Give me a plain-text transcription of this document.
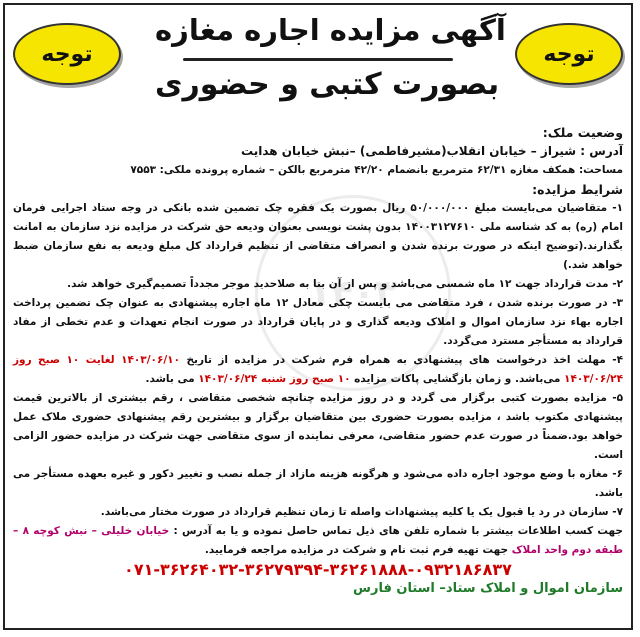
توجه	توجه
آگهی مزایده اجاره مغازه
بصورت کتبی و حضوری
۱۴۰۳

وضعیت ملک:

آدرس : شیراز – خیابان انقلاب(مشیرفاطمی) –نبش خیابان هدایت

مساحت: همکف مغازه ۶۲/۳۱ مترمربع بانضمام ۴۲/۲۰ مترمربع بالکن – شماره پرونده ملکی: ۷۵۵۳

شرایط مزایده:

۱- متقاضیان می‌بایست مبلغ ۵۰/۰۰۰/۰۰۰ ریال بصورت یک فقره چک تضمین شده بانکی در وجه ستاد اجرایی فرمان امام (ره) به کد شناسه ملی ۱۴۰۰۳۱۲۷۶۱۰ بدون پشت نویسی بعنوان ودیعه حق شرکت در مزایده نزد سازمان به امانت بگذارند.(توضیح اینکه در صورت برنده شدن و انصراف متقاضی از تنظیم قرارداد کل مبلغ ودیعه به نفع سازمان ضبط خواهد شد.)

۲- مدت قرارداد جهت ۱۲ ماه شمسی می‌باشد و پس از آن بنا به صلاحدید موجر مجدداً تصمیم‌گیری خواهد شد.

۳- در صورت برنده شدن ، فرد متقاضی می بایست چکی معادل ۱۲ ماه اجاره پیشنهادی به عنوان چک تضمین پرداخت اجاره بهاء نزد سازمان اموال و املاک ودیعه گذاری و در پایان قرارداد در صورت انجام تعهدات و عدم تخطی از مفاد قرارداد به مستأجر مسترد می‌گردد.

۴- مهلت اخذ درخواست های پیشنهادی به همراه فرم شرکت در مزایده از تاریخ ۱۴۰۳/۰۶/۱۰ لغایت ۱۰ صبح روز ۱۴۰۳/۰۶/۲۴ می‌باشد. و زمان بازگشایی پاکات مزایده ۱۰ صبح روز شنبه ۱۴۰۳/۰۶/۲۴ می باشد.

۵- مزایده بصورت کتبی برگزار می گردد و در روز مزایده چنانچه شخصی متقاضی ، رقم بیشتری از بالاترین قیمت پیشنهادی مکتوب باشد ، مزایده بصورت حضوری بین متقاضیان برگزار و بیشترین رقم پیشنهادی حضوری ملاک عمل خواهد بود.ضمناً در صورت عدم حضور متقاضی، معرفی نماینده از سوی متقاضی جهت شرکت در مزایده حضور الزامی است.

۶- مغازه با وضع موجود اجاره داده می‌شود و هرگونه هزینه مازاد از جمله نصب و تغییر دکور و غیره بعهده مستأجر می باشد.

۷- سازمان در رد یا قبول یک یا کلیه پیشنهادات واصله تا زمان تنظیم قرارداد در صورت مختار می‌باشد.

جهت کسب اطلاعات بیشتر با شماره تلفن های ذیل تماس حاصل نموده و یا به آدرس : خیابان خلیلی – نبش کوچه ۸ – طبقه دوم واحد املاک جهت تهیه فرم ثبت نام و شرکت در مزایده مراجعه فرمایید.

۰۷۱-۳۶۲۶۴۰۳۲-۳۶۲۷۹۳۹۴-۳۶۲۶۱۸۸۸-۰۹۳۲۱۸۶۸۳۷

سازمان اموال و املاک ستاد– استان فارس
